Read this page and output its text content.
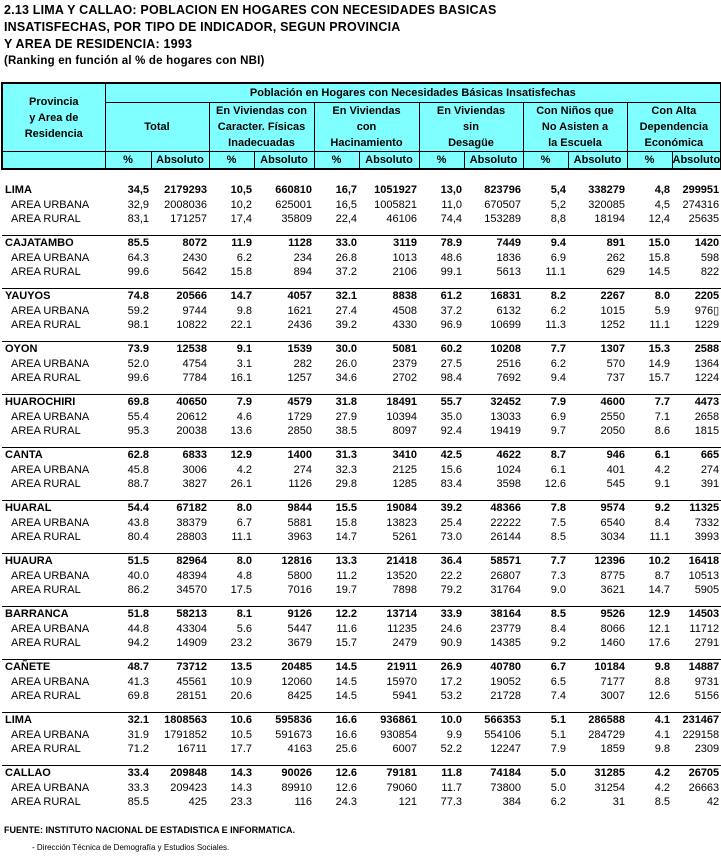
2.13 LIMA Y CALLAO: POBLACION EN HOGARES CON NECESIDADES BASICAS
INSATISFECHAS, POR TIPO DE INDICADOR, SEGUN PROVINCIA
Y AREA DE RESIDENCIA: 1993
(Ranking en función al % de hogares con NBI)
Provincia
y Area de
Residencia	Población en Hogares con Necesidades Básicas Insatisfechas											
	Total		En Viviendas con
Caracter. Físicas
Inadecuadas		En Viviendas
con
Hacinamiento		En Viviendas
sin
Desagüe		Con Niños que
No Asisten a
la Escuela		Con Alta
Dependencia
Económica	
	%	Absoluto	%	Absoluto	%	Absoluto	%	Absoluto	%	Absoluto	%	Absoluto

LIMA	34,5	2179293	10,5	660810	16,7	1051927	13,0	823796	5,4	338279	4,8	299951
AREA URBANA	32,9	2008036	10,2	625001	16,5	1005821	11,0	670507	5,2	320085	4,5	274316
AREA RURAL	83,1	171257	17,4	35809	22,4	46106	74,4	153289	8,8	18194	12,4	25635

CAJATAMBO	85.5	8072	11.9	1128	33.0	3119	78.9	7449	9.4	891	15.0	1420
AREA URBANA	64.3	2430	6.2	234	26.8	1013	48.6	1836	6.9	262	15.8	598
AREA RURAL	99.6	5642	15.8	894	37.2	2106	99.1	5613	11.1	629	14.5	822

YAUYOS	74.8	20566	14.7	4057	32.1	8838	61.2	16831	8.2	2267	8.0	2205
AREA URBANA	59.2	9744	9.8	1621	27.4	4508	37.2	6132	6.2	1015	5.9	976▯
AREA RURAL	98.1	10822	22.1	2436	39.2	4330	96.9	10699	11.3	1252	11.1	1229

OYON	73.9	12538	9.1	1539	30.0	5081	60.2	10208	7.7	1307	15.3	2588
AREA URBANA	52.0	4754	3.1	282	26.0	2379	27.5	2516	6.2	570	14.9	1364
AREA RURAL	99.6	7784	16.1	1257	34.6	2702	98.4	7692	9.4	737	15.7	1224

HUAROCHIRI	69.8	40650	7.9	4579	31.8	18491	55.7	32452	7.9	4600	7.7	4473
AREA URBANA	55.4	20612	4.6	1729	27.9	10394	35.0	13033	6.9	2550	7.1	2658
AREA RURAL	95.3	20038	13.6	2850	38.5	8097	92.4	19419	9.7	2050	8.6	1815

CANTA	62.8	6833	12.9	1400	31.3	3410	42.5	4622	8.7	946	6.1	665
AREA URBANA	45.8	3006	4.2	274	32.3	2125	15.6	1024	6.1	401	4.2	274
AREA RURAL	88.7	3827	26.1	1126	29.8	1285	83.4	3598	12.6	545	9.1	391

HUARAL	54.4	67182	8.0	9844	15.5	19084	39.2	48366	7.8	9574	9.2	11325
AREA URBANA	43.8	38379	6.7	5881	15.8	13823	25.4	22222	7.5	6540	8.4	7332
AREA RURAL	80.4	28803	11.1	3963	14.7	5261	73.0	26144	8.5	3034	11.1	3993

HUAURA	51.5	82964	8.0	12816	13.3	21418	36.4	58571	7.7	12396	10.2	16418
AREA URBANA	40.0	48394	4.8	5800	11.2	13520	22.2	26807	7.3	8775	8.7	10513
AREA RURAL	86.2	34570	17.5	7016	19.7	7898	79.2	31764	9.0	3621	14.7	5905

BARRANCA	51.8	58213	8.1	9126	12.2	13714	33.9	38164	8.5	9526	12.9	14503
AREA URBANA	44.8	43304	5.6	5447	11.6	11235	24.6	23779	8.4	8066	12.1	11712
AREA RURAL	94.2	14909	23.2	3679	15.7	2479	90.9	14385	9.2	1460	17.6	2791

CAÑETE	48.7	73712	13.5	20485	14.5	21911	26.9	40780	6.7	10184	9.8	14887
AREA URBANA	41.3	45561	10.9	12060	14.5	15970	17.2	19052	6.5	7177	8.8	9731
AREA RURAL	69.8	28151	20.6	8425	14.5	5941	53.2	21728	7.4	3007	12.6	5156

LIMA	32.1	1808563	10.6	595836	16.6	936861	10.0	566353	5.1	286588	4.1	231467
AREA URBANA	31.9	1791852	10.5	591673	16.6	930854	9.9	554106	5.1	284729	4.1	229158
AREA RURAL	71.2	16711	17.7	4163	25.6	6007	52.2	12247	7.9	1859	9.8	2309

CALLAO	33.4	209848	14.3	90026	12.6	79181	11.8	74184	5.0	31285	4.2	26705
AREA URBANA	33.3	209423	14.3	89910	12.6	79060	11.7	73800	5.0	31254	4.2	26663
AREA RURAL	85.5	425	23.3	116	24.3	121	77.3	384	6.2	31	8.5	42
FUENTE: INSTITUTO NACIONAL DE ESTADISTICA E INFORMATICA.
- Dirección Técnica de Demografía y Estudios Sociales.
